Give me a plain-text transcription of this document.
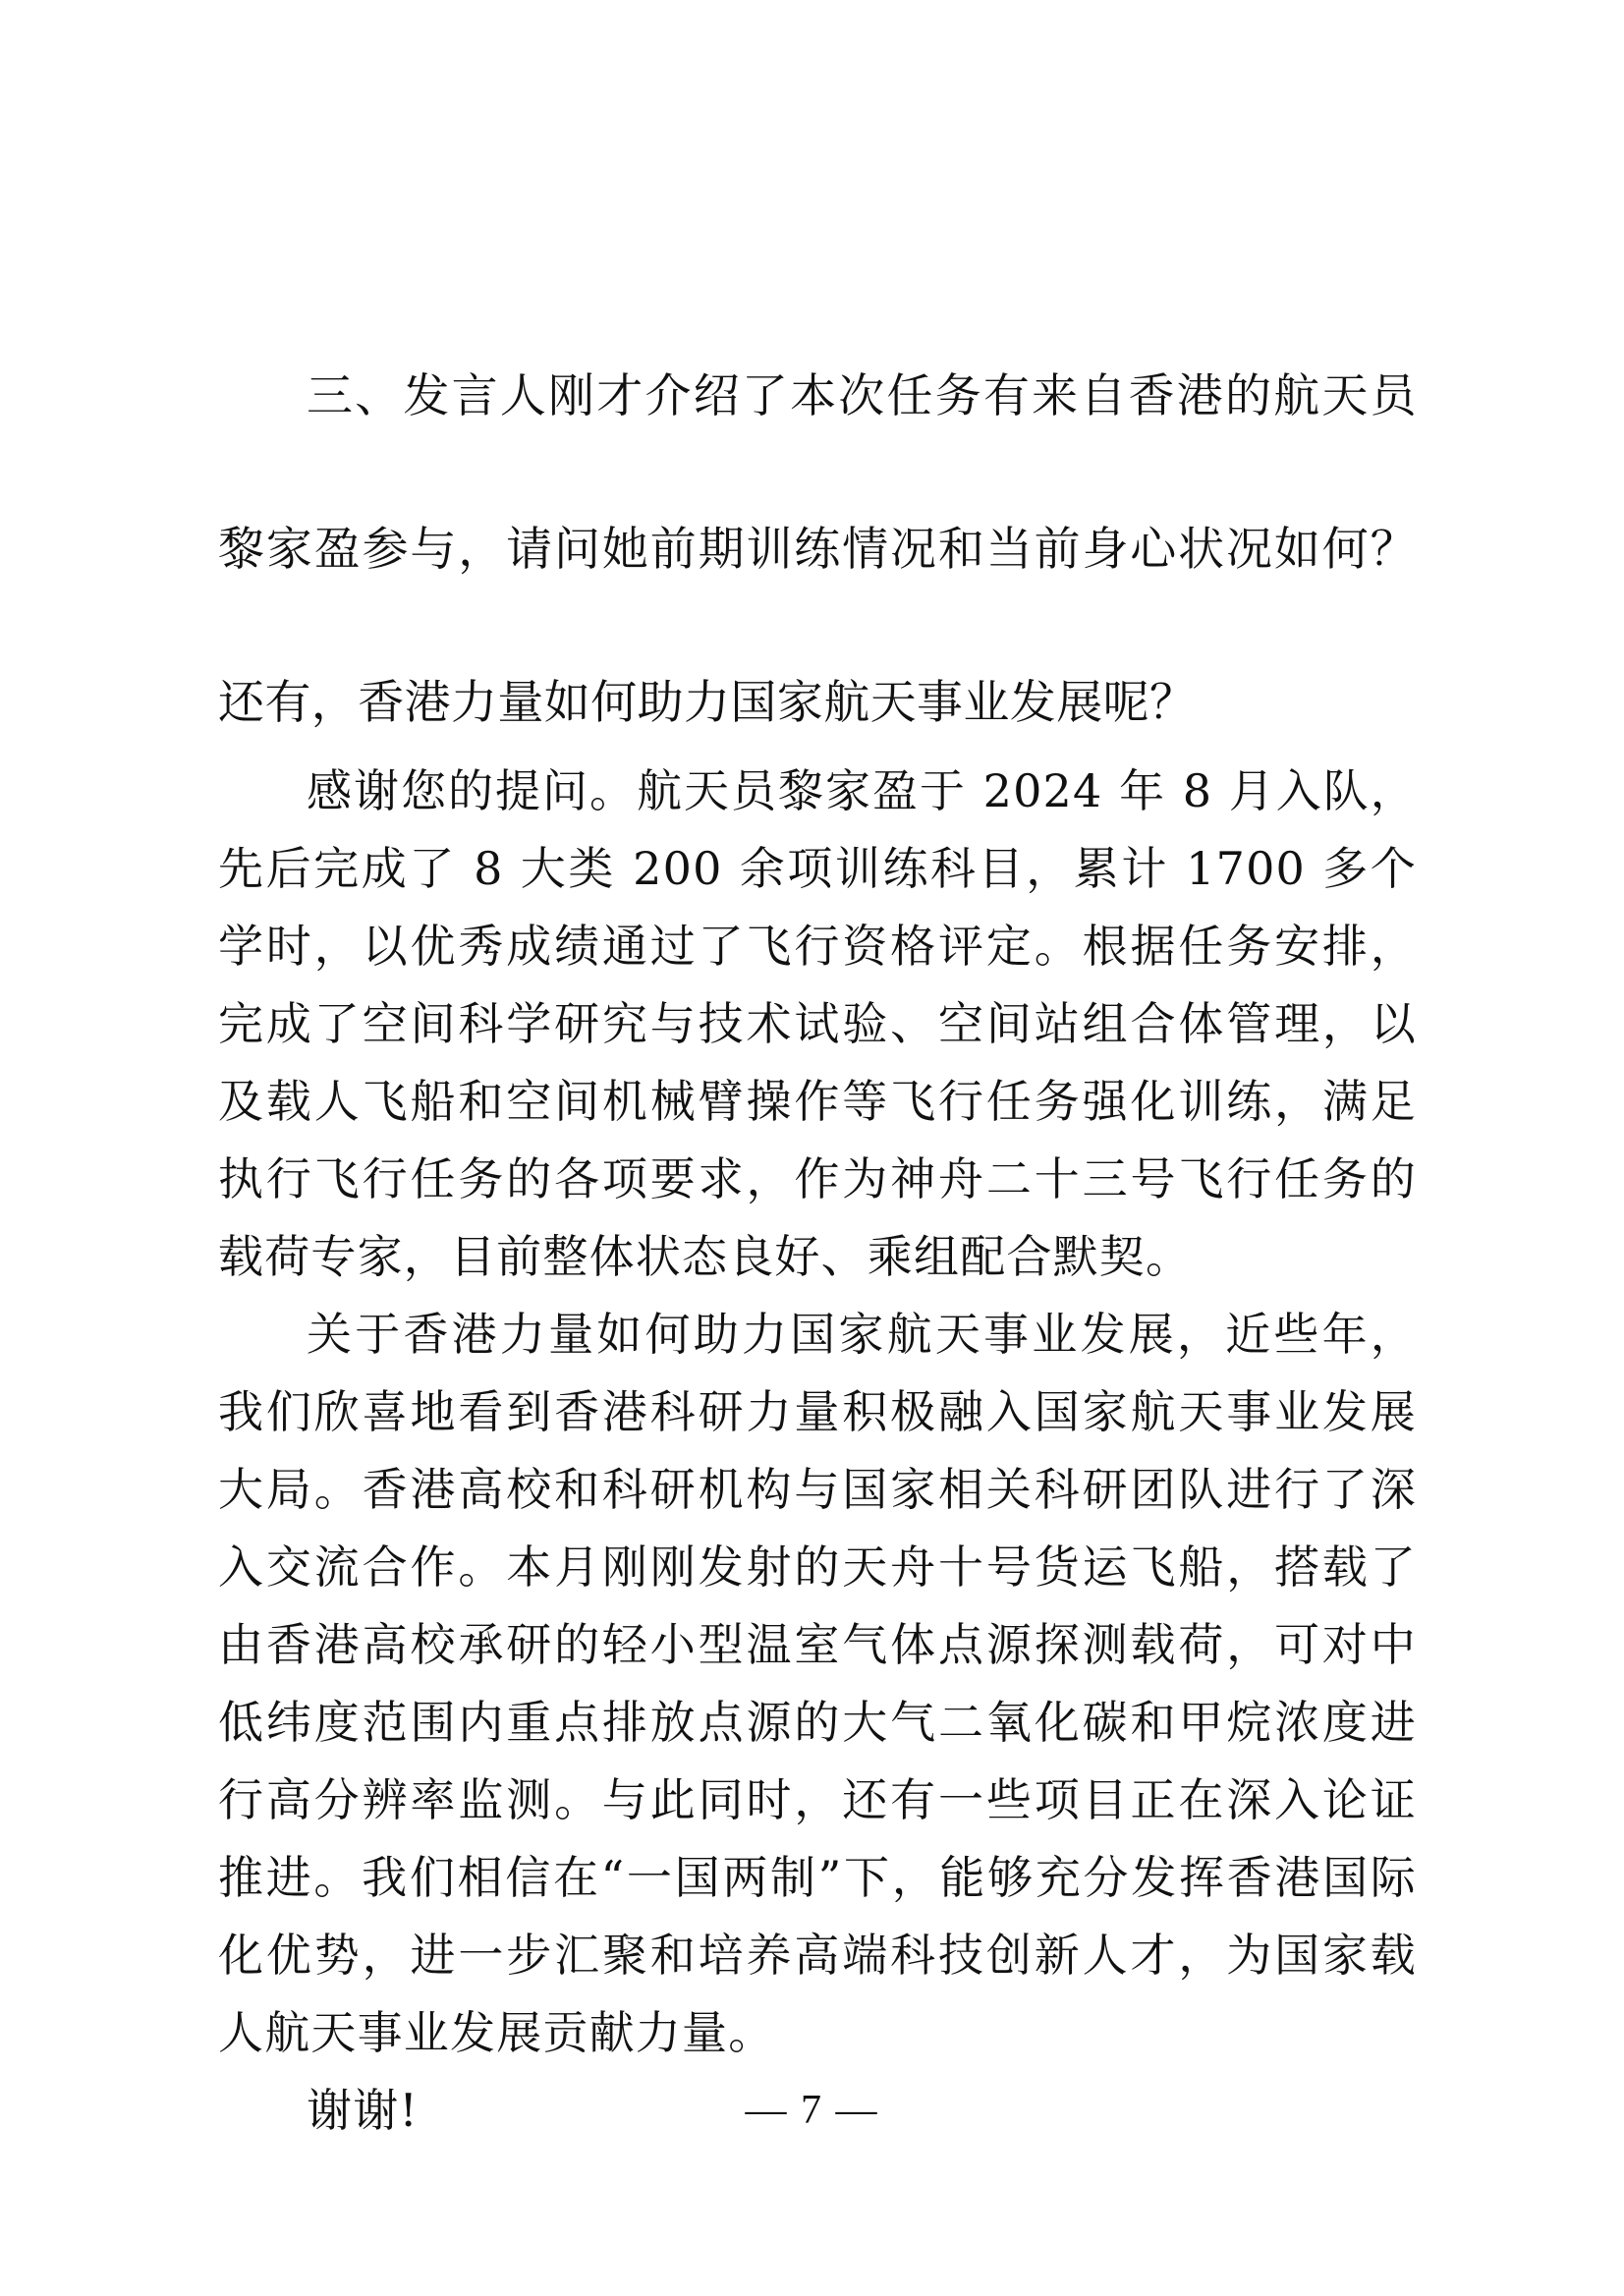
三、发言人刚才介绍了本次任务有来自香港的航天员黎家盈参与，请问她前期训练情况和当前身心状况如何？还有，香港力量如何助力国家航天事业发展呢？

感谢您的提问。航天员黎家盈于 2024 年 8 月入队，先后完成了 8 大类 200 余项训练科目，累计 1700 多个学时，以优秀成绩通过了飞行资格评定。根据任务安排，完成了空间科学研究与技术试验、空间站组合体管理，以及载人飞船和空间机械臂操作等飞行任务强化训练，满足执行飞行任务的各项要求，作为神舟二十三号飞行任务的载荷专家，目前整体状态良好、乘组配合默契。

关于香港力量如何助力国家航天事业发展，近些年，我们欣喜地看到香港科研力量积极融入国家航天事业发展大局。香港高校和科研机构与国家相关科研团队进行了深入交流合作。本月刚刚发射的天舟十号货运飞船，搭载了由香港高校承研的轻小型温室气体点源探测载荷，可对中低纬度范围内重点排放点源的大气二氧化碳和甲烷浓度进行高分辨率监测。与此同时，还有一些项目正在深入论证推进。我们相信在“一国两制”下，能够充分发挥香港国际化优势，进一步汇聚和培养高端科技创新人才，为国家载人航天事业发展贡献力量。

谢谢!	— 7 —
